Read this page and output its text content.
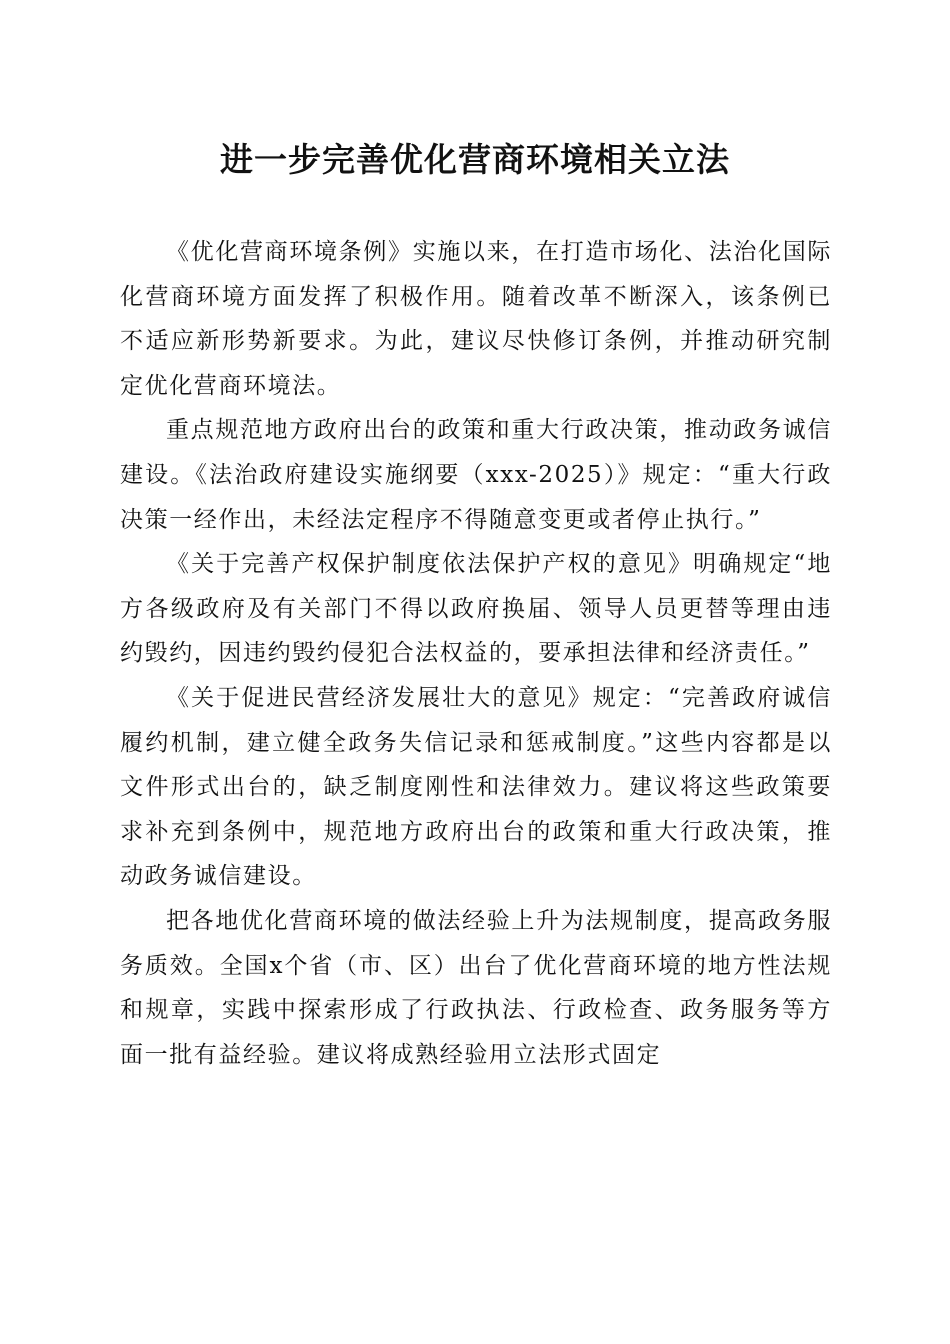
进一步完善优化营商环境相关立法

《优化营商环境条例》实施以来，在打造市场化、法治化国际化营商环境方面发挥了积极作用。随着改革不断深入，该条例已不适应新形势新要求。为此，建议尽快修订条例，并推动研究制定优化营商环境法。

重点规范地方政府出台的政策和重大行政决策，推动政务诚信建设。《法治政府建设实施纲要（xxx-2025）》规定：“重大行政决策一经作出，未经法定程序不得随意变更或者停止执行。”

《关于完善产权保护制度依法保护产权的意见》明确规定“地方各级政府及有关部门不得以政府换届、领导人员更替等理由违约毁约，因违约毁约侵犯合法权益的，要承担法律和经济责任。”

《关于促进民营经济发展壮大的意见》规定：“完善政府诚信履约机制，建立健全政务失信记录和惩戒制度。”这些内容都是以文件形式出台的，缺乏制度刚性和法律效力。建议将这些政策要求补充到条例中，规范地方政府出台的政策和重大行政决策，推动政务诚信建设。

把各地优化营商环境的做法经验上升为法规制度，提高政务服务质效。全国x个省（市、区）出台了优化营商环境的地方性法规和规章，实践中探索形成了行政执法、行政检查、政务服务等方面一批有益经验。建议将成熟经验用立法形式固定
